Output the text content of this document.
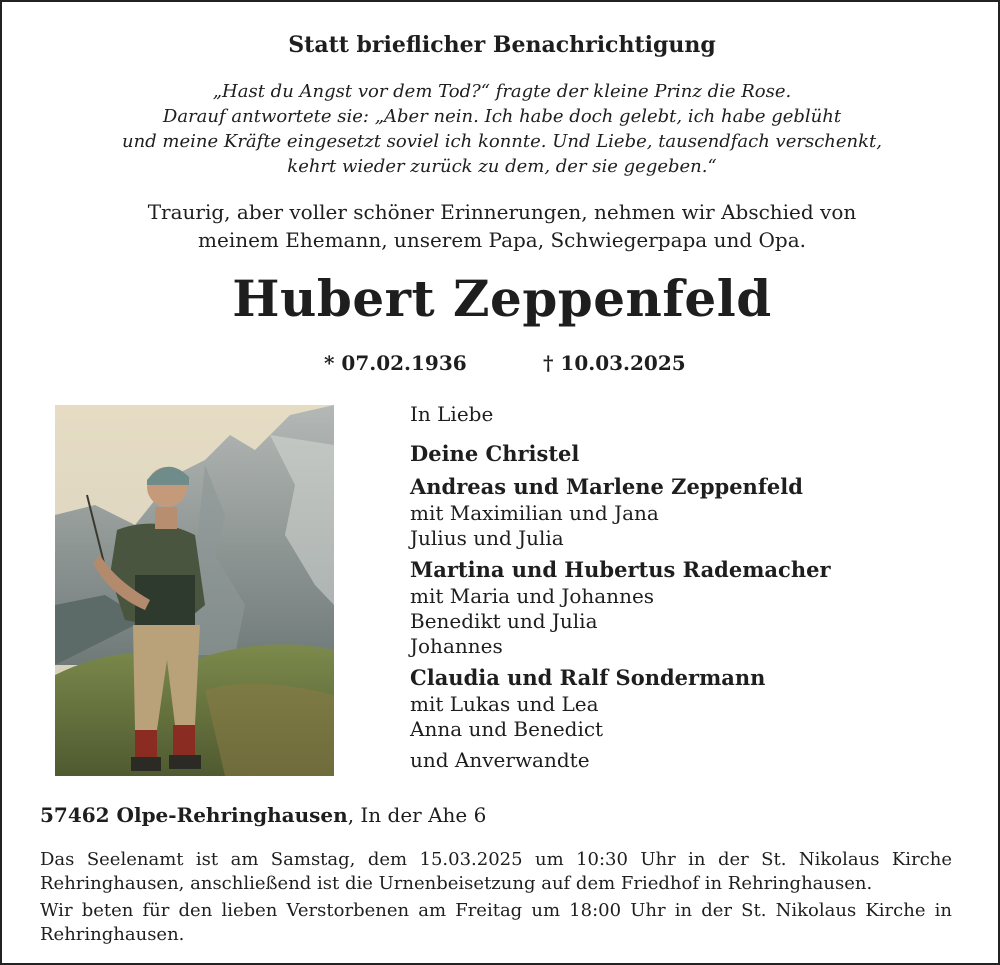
Statt brieflicher Benachrichtigung
„Hast du Angst vor dem Tod?“ fragte der kleine Prinz die Rose.
Darauf antwortete sie: „Aber nein. Ich habe doch gelebt, ich habe geblüht
und meine Kräfte eingesetzt soviel ich konnte. Und Liebe, tausendfach verschenkt,
kehrt wieder zurück zu dem, der sie gegeben.“
Traurig, aber voller schöner Erinnerungen, nehmen wir Abschied von
meinem Ehemann, unserem Papa, Schwiegerpapa und Opa.
Hubert Zeppenfeld
* 07.02.1936	† 10.03.2025
In Liebe
Deine Christel
Andreas und Marlene Zeppenfeld
mit Maximilian und Jana
Julius und Julia
Martina und Hubertus Rademacher
mit Maria und Johannes
Benedikt und Julia
Johannes
Claudia und Ralf Sondermann
mit Lukas und Lea
Anna und Benedict
und Anverwandte
57462 Olpe-Rehringhausen, In der Ahe 6
Das Seelenamt ist am Samstag, dem 15.03.2025 um 10:30 Uhr in der St. Nikolaus Kirche Rehringhausen, anschließend ist die Urnenbeisetzung auf dem Friedhof in Rehringhausen.
Wir beten für den lieben Verstorbenen am Freitag um 18:00 Uhr in der St. Nikolaus Kirche in Rehringhausen.
